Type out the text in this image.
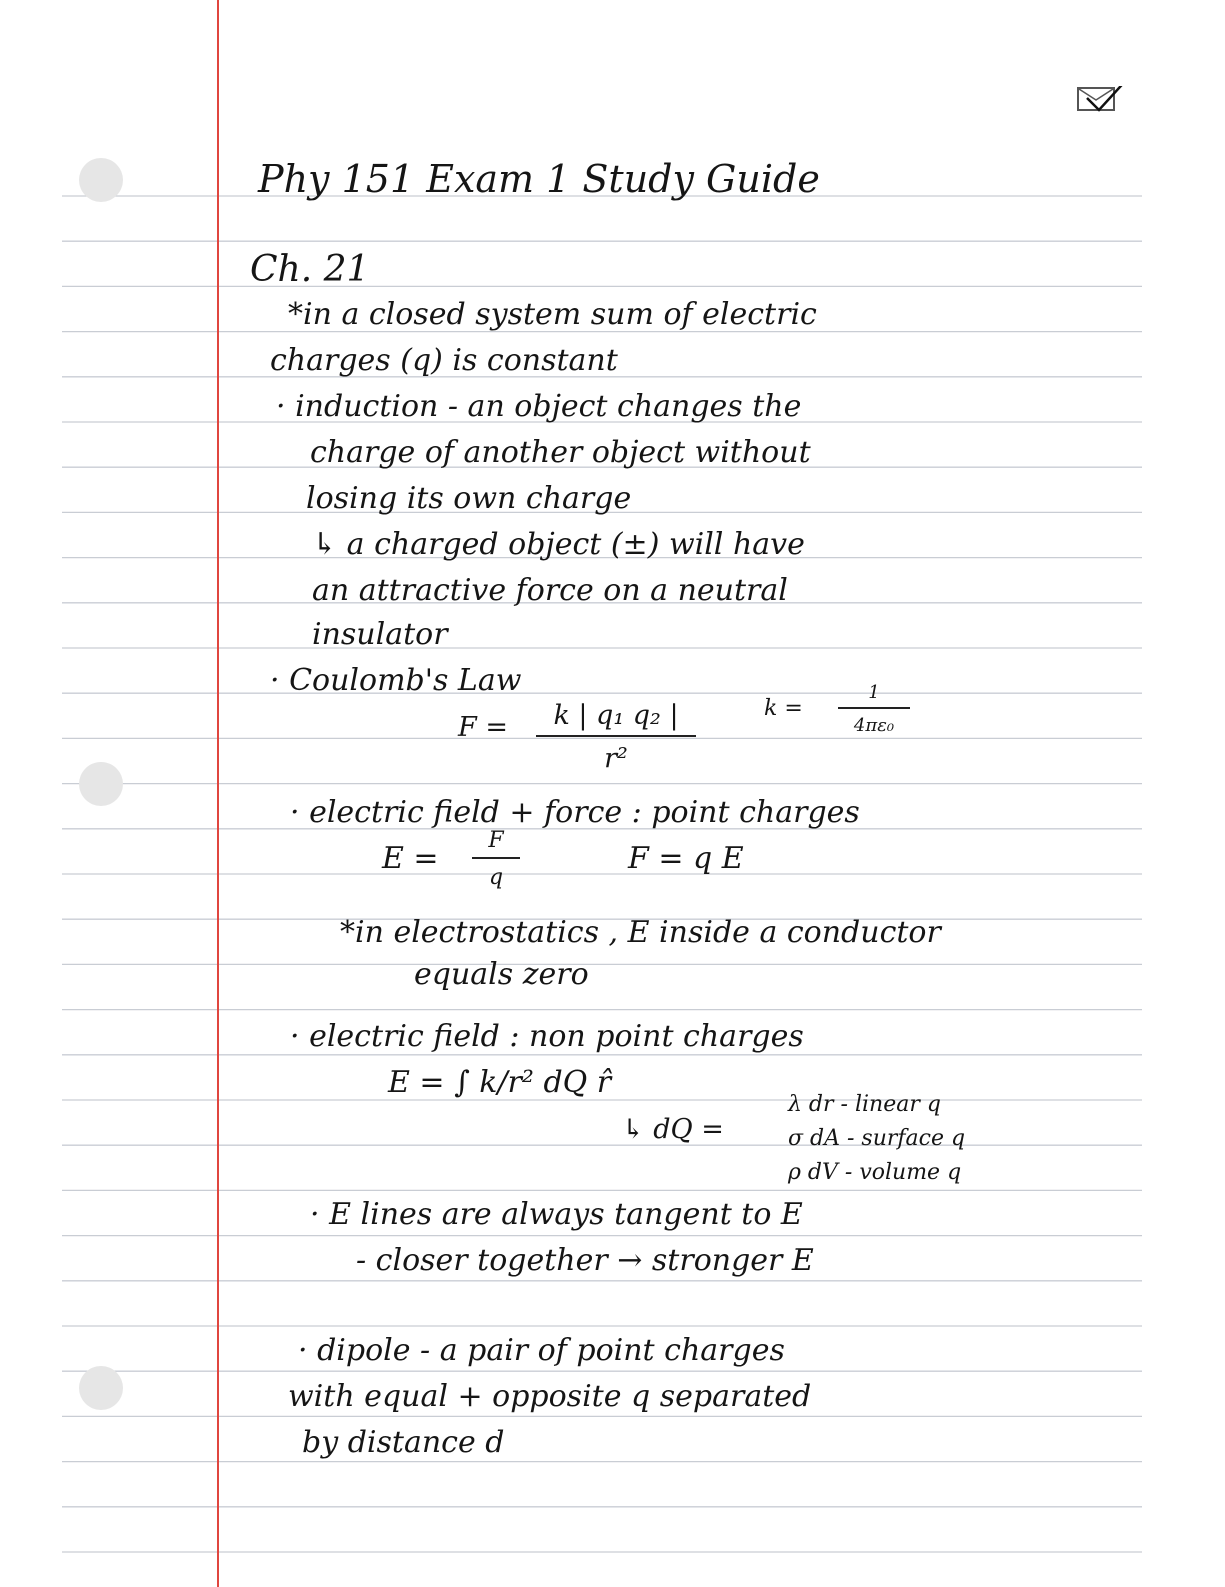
Phy 151 Exam 1 Study Guide
Ch. 21
*in a closed system sum of electric
charges (q) is constant
· induction - an object changes the
charge of another object without
losing its own charge
↳ a charged object (±) will have
an attractive force on a neutral
insulator
· Coulomb's Law
$F = \frac{\text{k | q₁ q₂ |}}{\text{r²}}$	$k = \frac{1}{\text{4πε₀}}$
· electric field + force : point charges
$E = \frac{F}{q}$	F = q E
*in electrostatics , E inside a conductor
equals zero
· electric field : non point charges
E = ∫ k/r² dQ r̂
↳ dQ =
λ dr - linear q
σ dA - surface q
ρ dV - volume q
· E lines are always tangent to E
- closer together → stronger E
· dipole - a pair of point charges
with equal + opposite q separated
by distance d
